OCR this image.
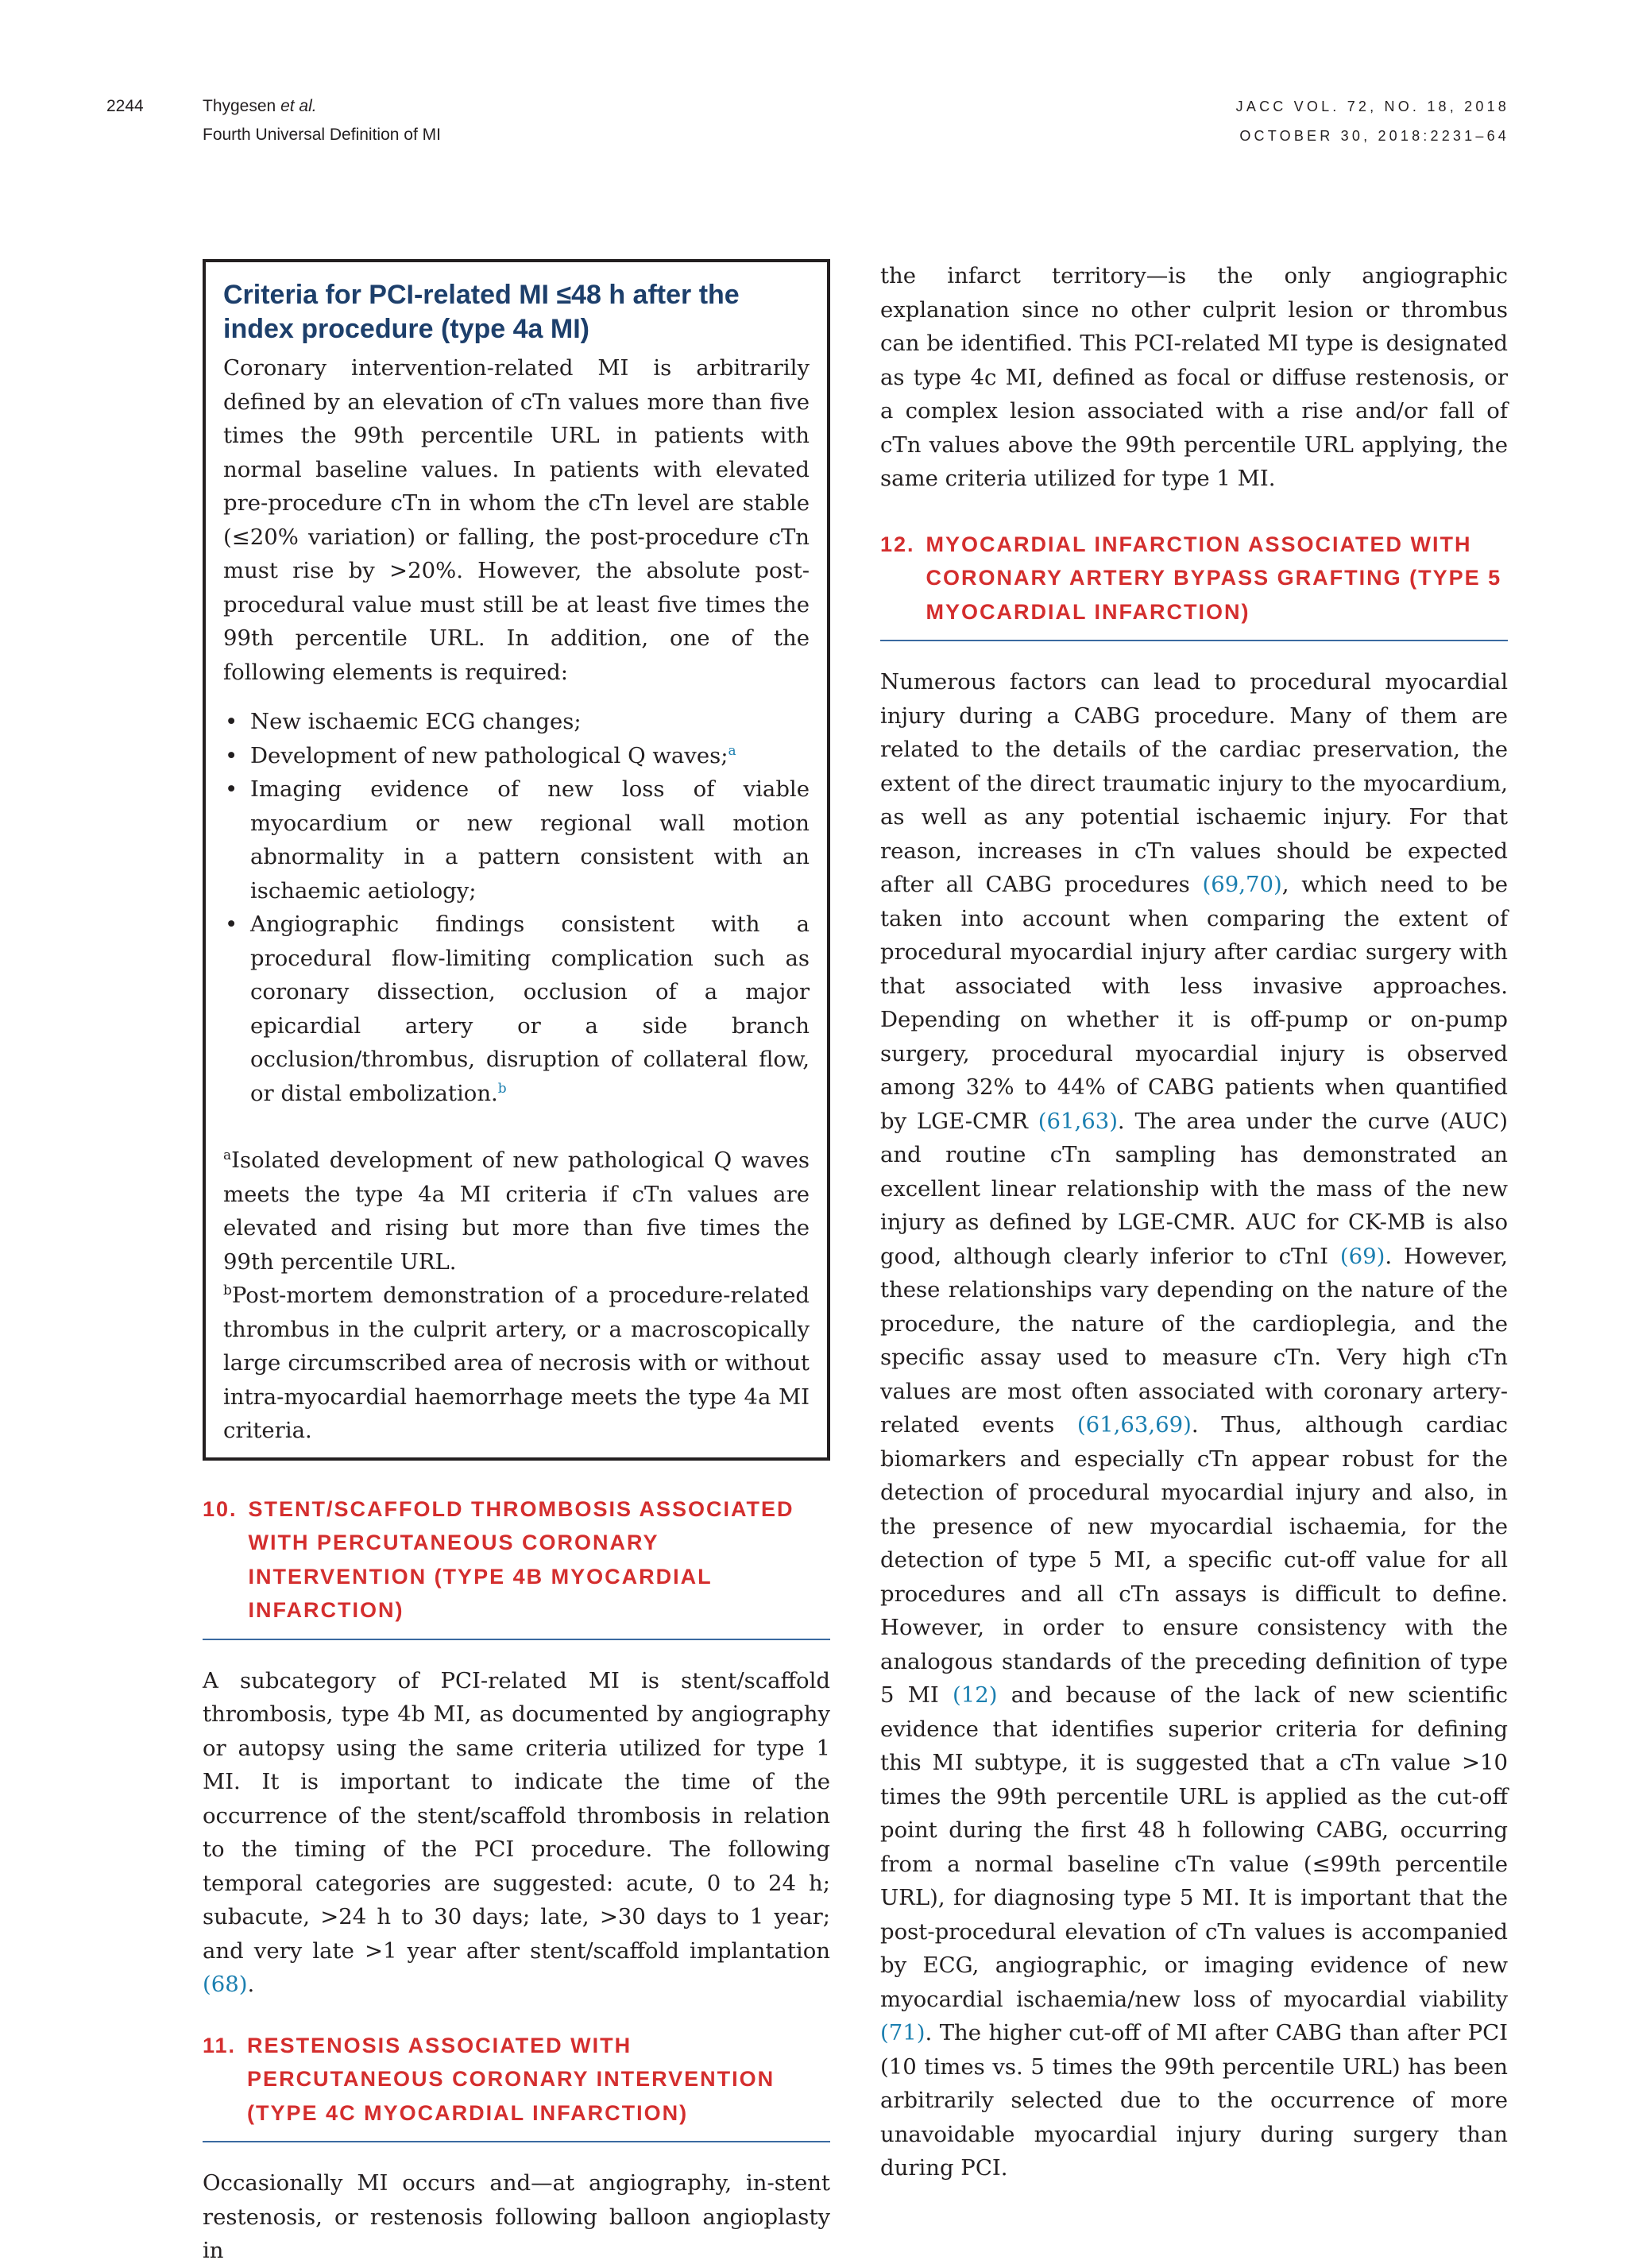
2244	Thygesen et al.
Fourth Universal Definition of MI
JACC VOL. 72, NO. 18, 2018
OCTOBER 30, 2018:2231–64
Criteria for PCI-related MI ≤48 h after the index procedure (type 4a MI)

Coronary intervention-related MI is arbitrarily defined by an elevation of cTn values more than five times the 99th percentile URL in patients with normal baseline values. In patients with elevated pre-procedure cTn in whom the cTn level are stable (≤20% variation) or falling, the post-procedure cTn must rise by >20%. However, the absolute post-procedural value must still be at least five times the 99th percentile URL. In addition, one of the following elements is required:

• New ischaemic ECG changes;
• Development of new pathological Q waves;$^a$
• Imaging evidence of new loss of viable myocardium or new regional wall motion abnormality in a pattern consistent with an ischaemic aetiology;
• Angiographic findings consistent with a procedural flow-limiting complication such as coronary dissection, occlusion of a major epicardial artery or a side branch occlusion/thrombus, disruption of collateral flow, or distal embolization.$^b$

$^a$Isolated development of new pathological Q waves meets the type 4a MI criteria if cTn values are elevated and rising but more than five times the 99th percentile URL.

$^b$Post-mortem demonstration of a procedure-related thrombus in the culprit artery, or a macroscopically large circumscribed area of necrosis with or without intra-myocardial haemorrhage meets the type 4a MI criteria.

10. STENT/SCAFFOLD THROMBOSIS ASSOCIATED WITH PERCUTANEOUS CORONARY INTERVENTION (TYPE 4B MYOCARDIAL INFARCTION)

A subcategory of PCI-related MI is stent/scaffold thrombosis, type 4b MI, as documented by angiography or autopsy using the same criteria utilized for type 1 MI. It is important to indicate the time of the occurrence of the stent/scaffold thrombosis in relation to the timing of the PCI procedure. The following temporal categories are suggested: acute, 0 to 24 h; subacute, >24 h to 30 days; late, >30 days to 1 year; and very late >1 year after stent/scaffold implantation (68).

11. RESTENOSIS ASSOCIATED WITH PERCUTANEOUS CORONARY INTERVENTION (TYPE 4C MYOCARDIAL INFARCTION)

Occasionally MI occurs and—at angiography, in-stent restenosis, or restenosis following balloon angioplasty in

the infarct territory—is the only angiographic explanation since no other culprit lesion or thrombus can be identified. This PCI-related MI type is designated as type 4c MI, defined as focal or diffuse restenosis, or a complex lesion associated with a rise and/or fall of cTn values above the 99th percentile URL applying, the same criteria utilized for type 1 MI.

12. MYOCARDIAL INFARCTION ASSOCIATED WITH CORONARY ARTERY BYPASS GRAFTING (TYPE 5 MYOCARDIAL INFARCTION)

Numerous factors can lead to procedural myocardial injury during a CABG procedure. Many of them are related to the details of the cardiac preservation, the extent of the direct traumatic injury to the myocardium, as well as any potential ischaemic injury. For that reason, increases in cTn values should be expected after all CABG procedures (69,70), which need to be taken into account when comparing the extent of procedural myocardial injury after cardiac surgery with that associated with less invasive approaches. Depending on whether it is off-pump or on-pump surgery, procedural myocardial injury is observed among 32% to 44% of CABG patients when quantified by LGE-CMR (61,63). The area under the curve (AUC) and routine cTn sampling has demonstrated an excellent linear relationship with the mass of the new injury as defined by LGE-CMR. AUC for CK-MB is also good, although clearly inferior to cTnI (69). However, these relationships vary depending on the nature of the procedure, the nature of the cardioplegia, and the specific assay used to measure cTn. Very high cTn values are most often associated with coronary artery-related events (61,63,69). Thus, although cardiac biomarkers and especially cTn appear robust for the detection of procedural myocardial injury and also, in the presence of new myocardial ischaemia, for the detection of type 5 MI, a specific cut-off value for all procedures and all cTn assays is difficult to define. However, in order to ensure consistency with the analogous standards of the preceding definition of type 5 MI (12) and because of the lack of new scientific evidence that identifies superior criteria for defining this MI subtype, it is suggested that a cTn value >10 times the 99th percentile URL is applied as the cut-off point during the first 48 h following CABG, occurring from a normal baseline cTn value (≤99th percentile URL), for diagnosing type 5 MI. It is important that the post-procedural elevation of cTn values is accompanied by ECG, angiographic, or imaging evidence of new myocardial ischaemia/new loss of myocardial viability (71). The higher cut-off of MI after CABG than after PCI (10 times vs. 5 times the 99th percentile URL) has been arbitrarily selected due to the occurrence of more unavoidable myocardial injury during surgery than during PCI.
